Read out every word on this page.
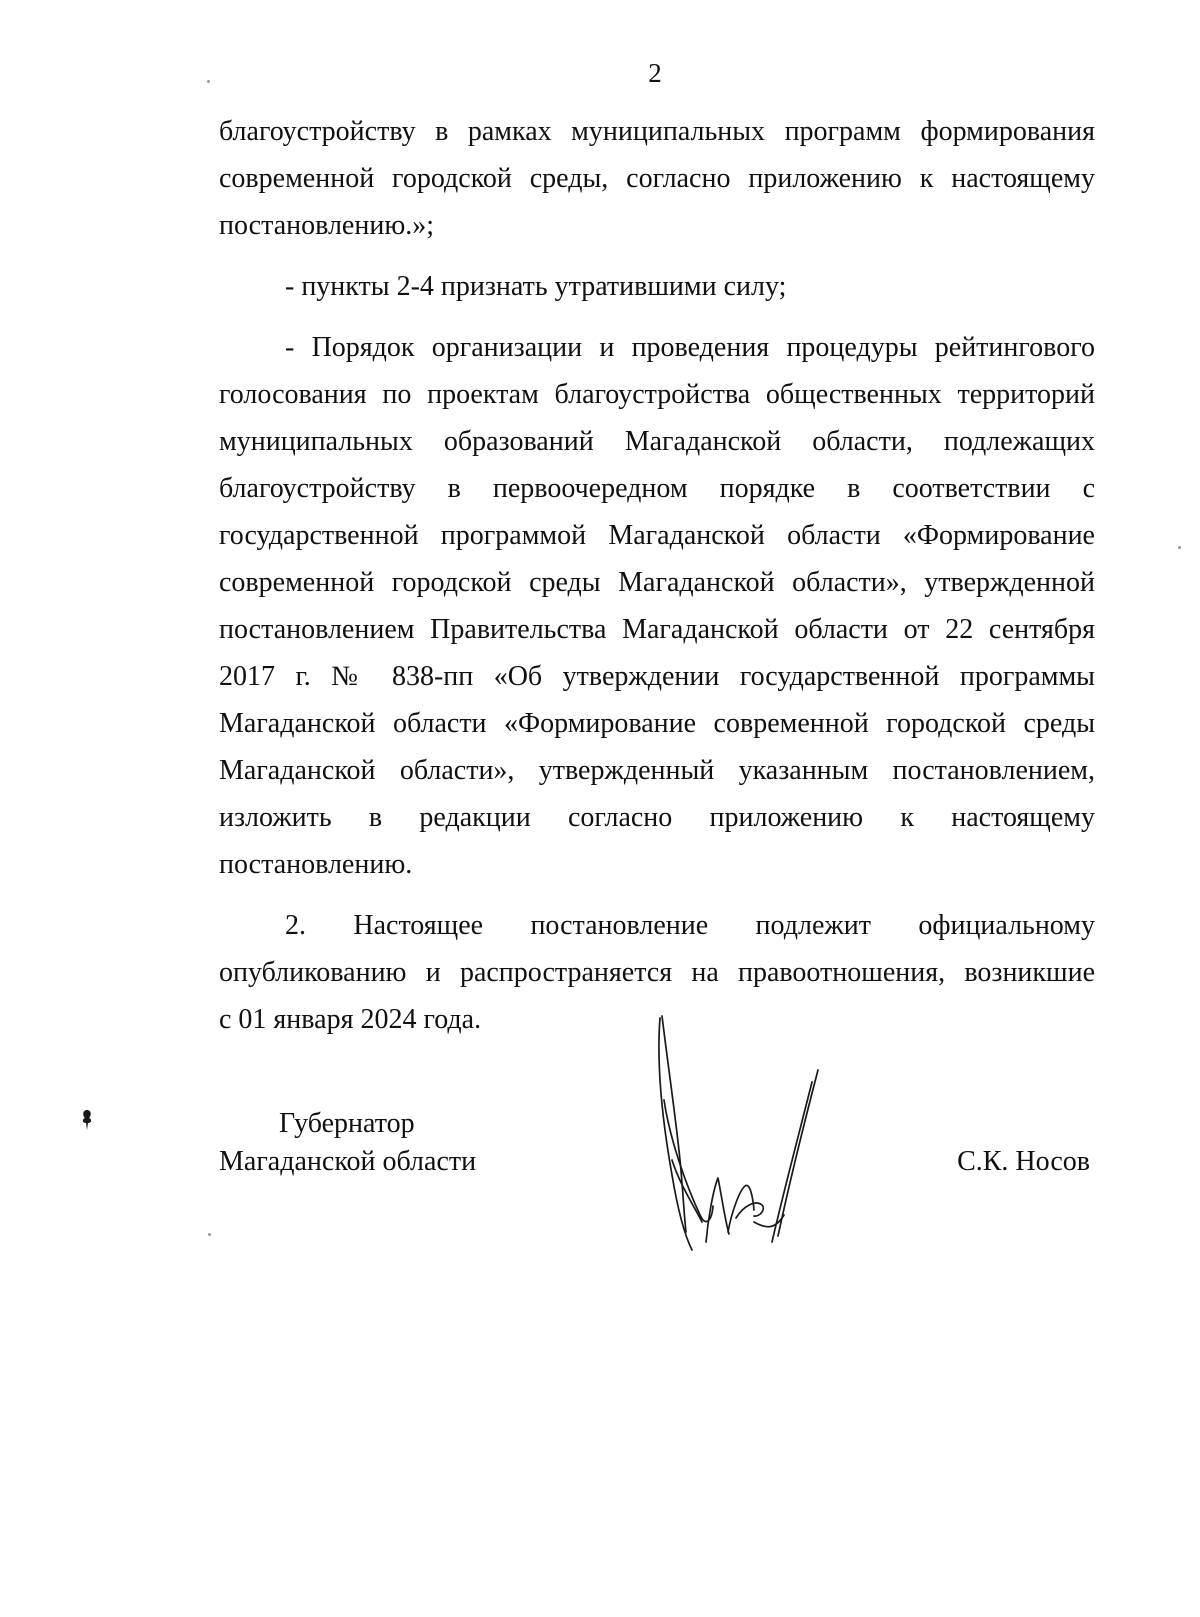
2
благоустройству в рамках муниципальных программ формирования
современной городской среды, согласно приложению к настоящему
постановлению.»;
- пункты 2-4 признать утратившими силу;
- Порядок организации и проведения процедуры рейтингового
голосования по проектам благоустройства общественных территорий
муниципальных образований Магаданской области, подлежащих
благоустройству в первоочередном порядке в соответствии с
государственной программой Магаданской области «Формирование
современной городской среды Магаданской области», утвержденной
постановлением Правительства Магаданской области от 22 сентября
2017 г. № 838-пп «Об утверждении государственной программы
Магаданской области «Формирование современной городской среды
Магаданской области», утвержденный указанным постановлением,
изложить в редакции согласно приложению к настоящему
постановлению.
2. Настоящее постановление подлежит официальному
опубликованию и распространяется на правоотношения, возникшие
с 01 января 2024 года.
Губернатор
Магаданской области	С.К. Носов
